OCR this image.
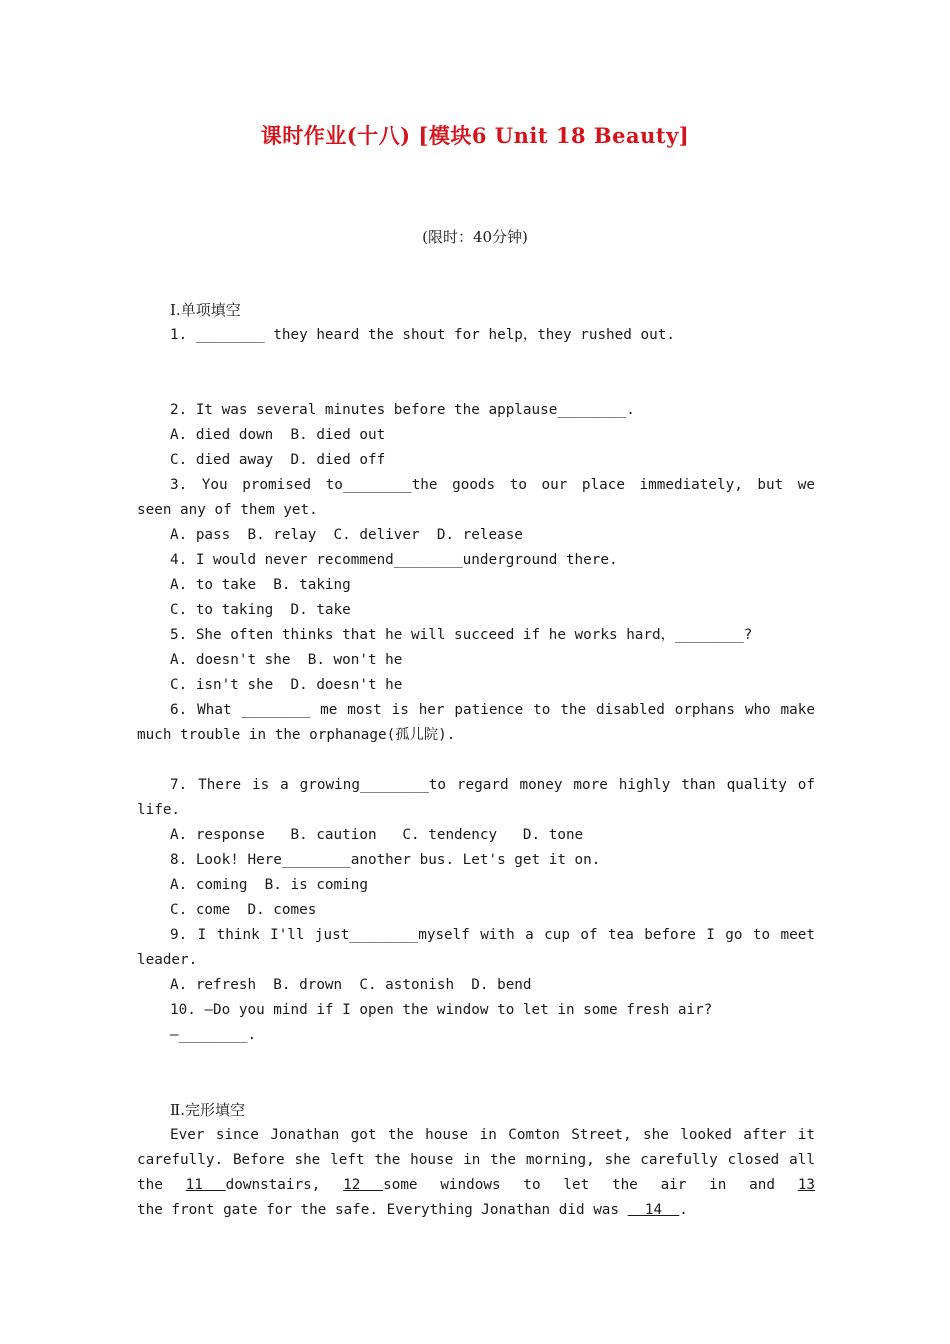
课时作业(十八) [模块6 Unit 18 Beauty]
(限时：40分钟)
Ⅰ.单项填空
1. ________ they heard the shout for help，they rushed out.

2. It was several minutes before the applause________.
A. died down  B. died out
C. died away  D. died off
3. You promised to________the goods to our place immediately, but we
seen any of them yet.
A. pass  B. relay  C. deliver  D. release
4. I would never recommend________underground there.
A. to take  B. taking
C. to taking  D. take
5. She often thinks that he will succeed if he works hard，________?
A. doesn't she  B. won't he
C. isn't she  D. doesn't he
6. What ________ me most is her patience to the disabled orphans who make
much trouble in the orphanage(孤儿院).

7. There is a growing________to regard money more highly than quality of
life.
A. response   B. caution   C. tendency   D. tone
8. Look! Here________another bus. Let's get it on.
A. coming  B. is coming
C. come  D. comes
9. I think I'll just________myself with a cup of tea before I go to meet
leader.
A. refresh  B. drown  C. astonish  D. bend
10. —Do you mind if I open the window to let in some fresh air?
—________.

Ⅱ.完形填空
Ever since Jonathan got the house in Comton Street, she looked after it
carefully. Before she left the house in the morning, she carefully closed all
the 11 downstairs, 12 some windows to let the air in and 13
the front gate for the safe. Everything Jonathan did was   14  .
